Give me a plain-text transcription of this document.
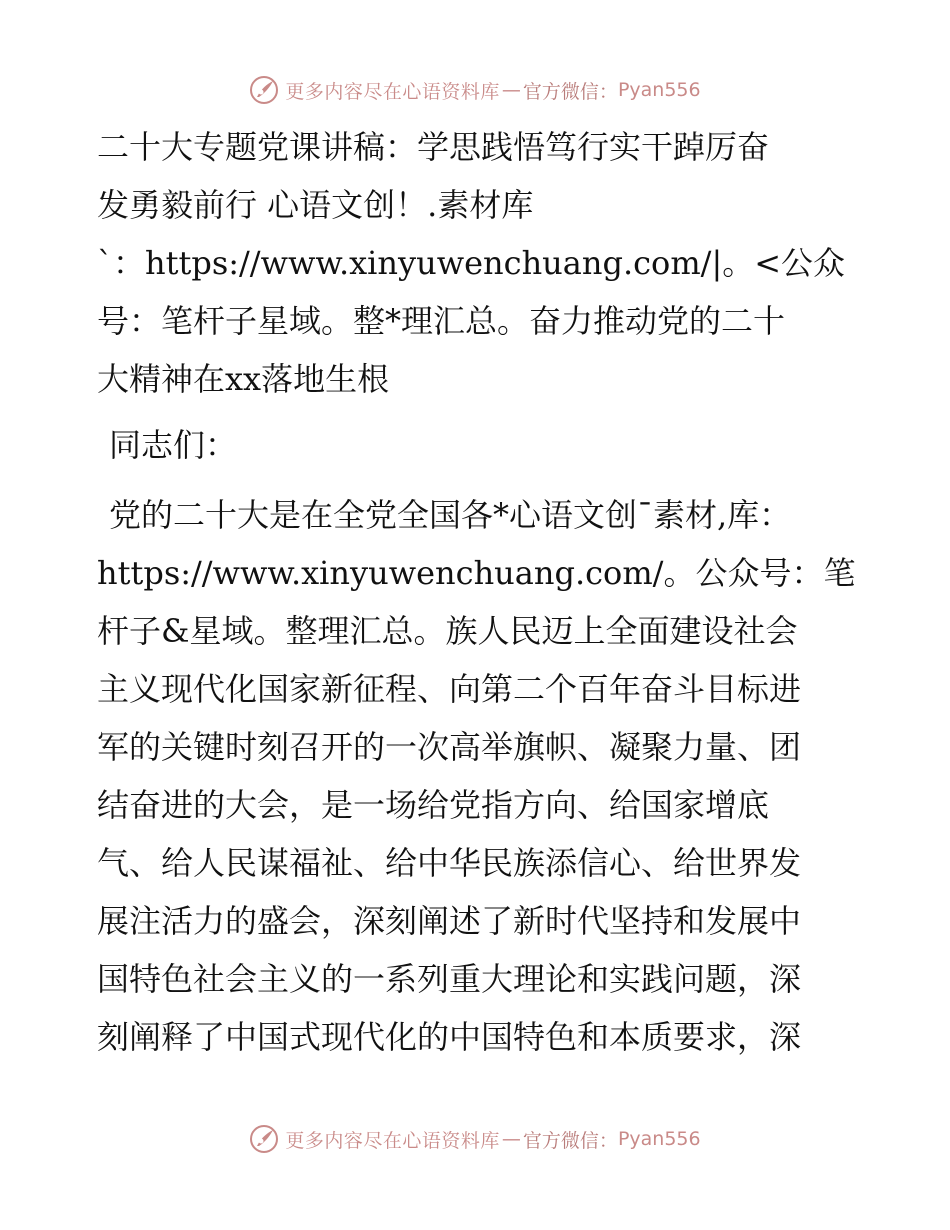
更多内容尽在心语资料库 — 官方微信： Pyan556
二十大专题党课讲稿：学思践悟笃行实干踔厉奋
发勇毅前行 心语文创！.素材库
`：https://www.xinyuwenchuang.com/|。<公众
号：笔杆子星域。整*理汇总。奋力推动党的二十
大精神在xx落地生根
同志们：
党的二十大是在全党全国各*心语文创¯素材,库：
https://www.xinyuwenchuang.com/。公众号：笔
杆子&星域。整理汇总。族人民迈上全面建设社会
主义现代化国家新征程、向第二个百年奋斗目标进
军的关键时刻召开的一次高举旗帜、凝聚力量、团
结奋进的大会，是一场给党指方向、给国家增底
气、给人民谋福祉、给中华民族添信心、给世界发
展注活力的盛会，深刻阐述了新时代坚持和发展中
国特色社会主义的一系列重大理论和实践问题，深
刻阐释了中国式现代化的中国特色和本质要求，深
更多内容尽在心语资料库 — 官方微信： Pyan556
